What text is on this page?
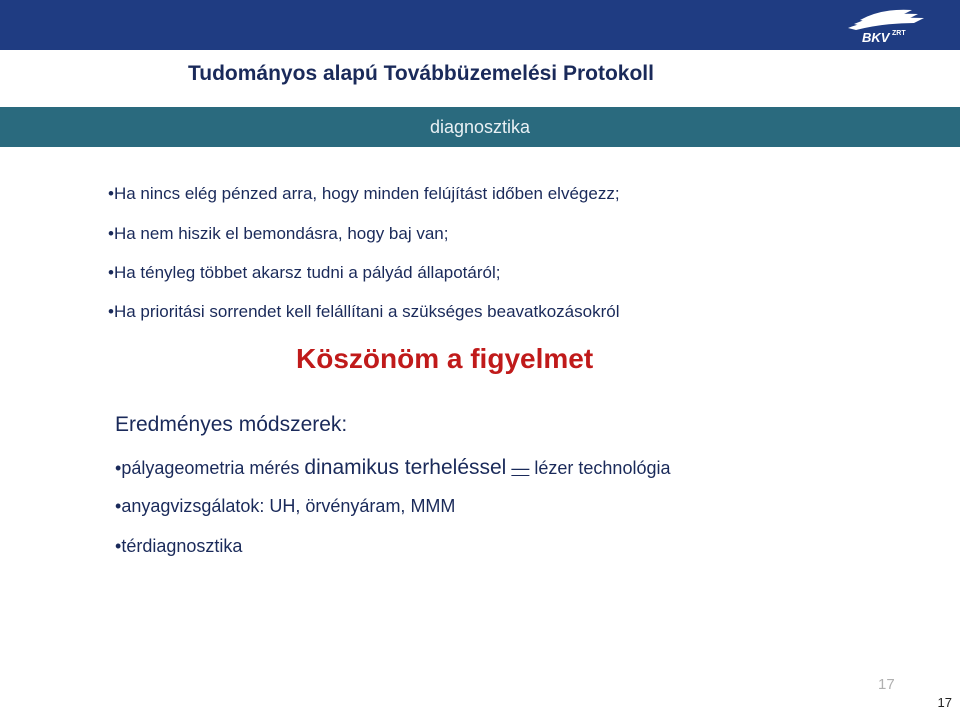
BKV ZRT
Tudományos alapú Továbbüzemelési Protokoll
diagnosztika
•Ha nincs elég pénzed arra, hogy minden felújítást időben elvégezz;
•Ha nem hiszik el bemondásra, hogy baj van;
•Ha tényleg többet akarsz tudni a pályád állapotáról;
•Ha prioritási sorrendet kell felállítani a szükséges beavatkozásokról
Köszönöm a figyelmet
Eredményes módszerek:
•pályageometria mérés dinamikus terheléssel — lézer technológia
•anyagvizsgálatok: UH, örvényáram, MMM
•térdiagnosztika
17
17
